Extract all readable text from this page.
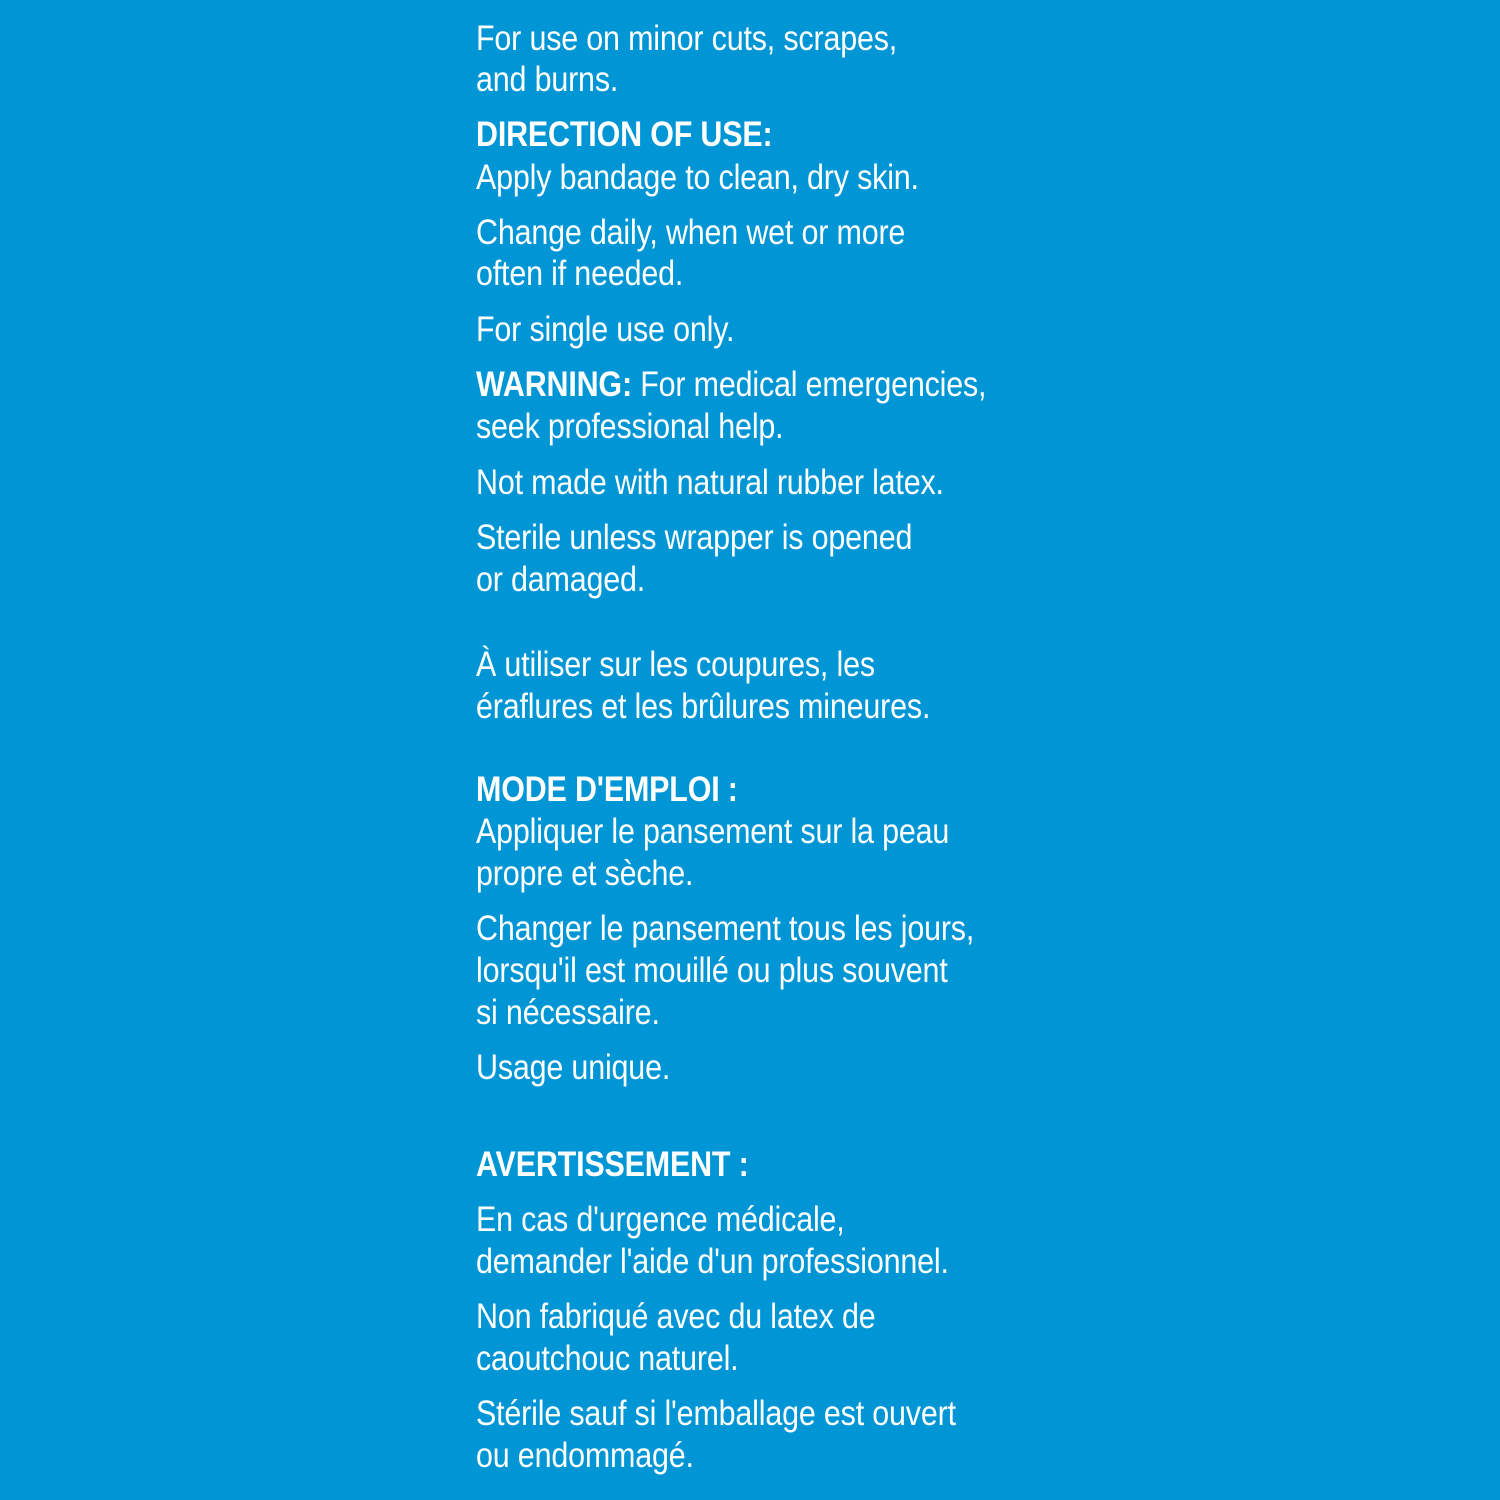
For use on minor cuts, scrapes,
and burns.
DIRECTION OF USE:
Apply bandage to clean, dry skin.
Change daily, when wet or more
often if needed.
For single use only.
WARNING: For medical emergencies,
seek professional help.
Not made with natural rubber latex.
Sterile unless wrapper is opened
or damaged.
À utiliser sur les coupures, les
éraflures et les brûlures mineures.
MODE D'EMPLOI :
Appliquer le pansement sur la peau
propre et sèche.
Changer le pansement tous les jours,
lorsqu'il est mouillé ou plus souvent
si nécessaire.
Usage unique.
AVERTISSEMENT :
En cas d'urgence médicale,
demander l'aide d'un professionnel.
Non fabriqué avec du latex de
caoutchouc naturel.
Stérile sauf si l'emballage est ouvert
ou endommagé.
